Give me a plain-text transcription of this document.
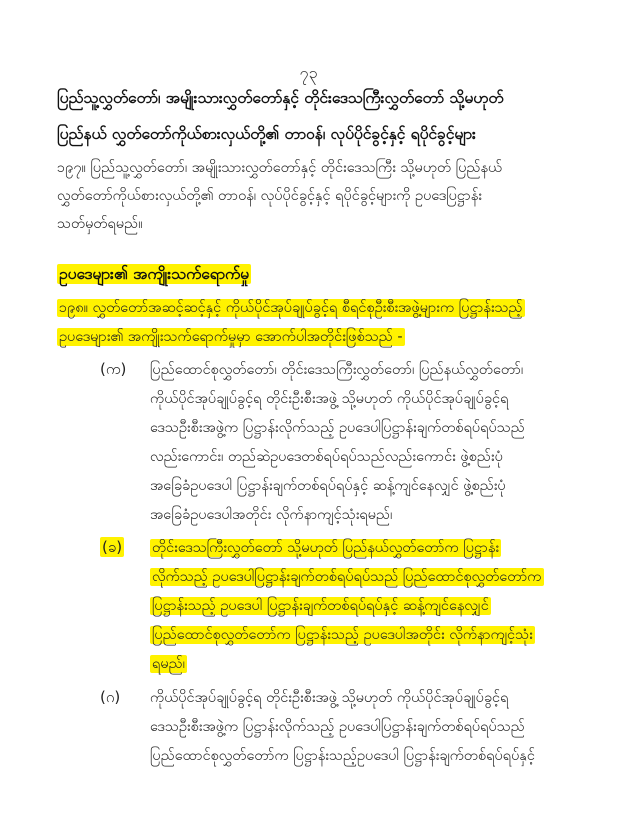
၇၃
ပြည်သူ့လွှတ်တော်၊ အမျိုးသားလွှတ်တော်နှင့် တိုင်းဒေသကြီးလွှတ်တော် သို့မဟုတ်
ပြည်နယ် လွှတ်တော်ကိုယ်စားလှယ်တို့၏ တာဝန်၊ လုပ်ပိုင်ခွင့်နှင့် ရပိုင်ခွင့်များ
၁၉၇။ ပြည်သူ့လွှတ်တော်၊ အမျိုးသားလွှတ်တော်နှင့် တိုင်းဒေသကြီး သို့မဟုတ် ပြည်နယ်
လွှတ်တော်ကိုယ်စားလှယ်တို့၏ တာဝန်၊ လုပ်ပိုင်ခွင့်နှင့် ရပိုင်ခွင့်များကို ဥပဒေပြဋ္ဌာန်း
သတ်မှတ်ရမည်။
ဥပဒေများ၏ အကျိုးသက်ရောက်မှု
၁၉၈။ လွှတ်တော်အဆင့်ဆင့်နှင့် ကိုယ်ပိုင်အုပ်ချုပ်ခွင့်ရ စီရင်စုဦးစီးအဖွဲ့များက ပြဋ္ဌာန်းသည့်
ဥပဒေများ၏ အကျိုးသက်ရောက်မှုမှာ အောက်ပါအတိုင်းဖြစ်သည် -
(က) ပြည်ထောင်စုလွှတ်တော်၊ တိုင်းဒေသကြီးလွှတ်တော်၊ ပြည်နယ်လွှတ်တော်၊
ကိုယ်ပိုင်အုပ်ချုပ်ခွင့်ရ တိုင်းဦးစီးအဖွဲ့ သို့မဟုတ် ကိုယ်ပိုင်အုပ်ချုပ်ခွင့်ရ
ဒေသဦးစီးအဖွဲ့က ပြဋ္ဌာန်းလိုက်သည့် ဥပဒေပါပြဋ္ဌာန်းချက်တစ်ရပ်ရပ်သည်
လည်းကောင်း၊ တည်ဆဲဥပဒေတစ်ရပ်ရပ်သည်လည်းကောင်း ဖွဲ့စည်းပုံ
အခြေခံဥပဒေပါ ပြဋ္ဌာန်းချက်တစ်ရပ်ရပ်နှင့် ဆန့်ကျင်နေလျှင် ဖွဲ့စည်းပုံ
အခြေခံဥပဒေပါအတိုင်း လိုက်နာကျင့်သုံးရမည်၊
(ခ) တိုင်းဒေသကြီးလွှတ်တော် သို့မဟုတ် ပြည်နယ်လွှတ်တော်က ပြဋ္ဌာန်း
လိုက်သည့် ဥပဒေပါပြဋ္ဌာန်းချက်တစ်ရပ်ရပ်သည် ပြည်ထောင်စုလွှတ်တော်က
ပြဋ္ဌာန်းသည့် ဥပဒေပါ ပြဋ္ဌာန်းချက်တစ်ရပ်ရပ်နှင့် ဆန့်ကျင်နေလျှင်
ပြည်ထောင်စုလွှတ်တော်က ပြဋ္ဌာန်းသည့် ဥပဒေပါအတိုင်း လိုက်နာကျင့်သုံး
ရမည်၊
(ဂ) ကိုယ်ပိုင်အုပ်ချုပ်ခွင့်ရ တိုင်းဦးစီးအဖွဲ့ သို့မဟုတ် ကိုယ်ပိုင်အုပ်ချုပ်ခွင့်ရ
ဒေသဦးစီးအဖွဲ့က ပြဋ္ဌာန်းလိုက်သည့် ဥပဒေပါပြဋ္ဌာန်းချက်တစ်ရပ်ရပ်သည်
ပြည်ထောင်စုလွှတ်တော်က ပြဋ္ဌာန်းသည့်ဥပဒေပါ ပြဋ္ဌာန်းချက်တစ်ရပ်ရပ်နှင့်
